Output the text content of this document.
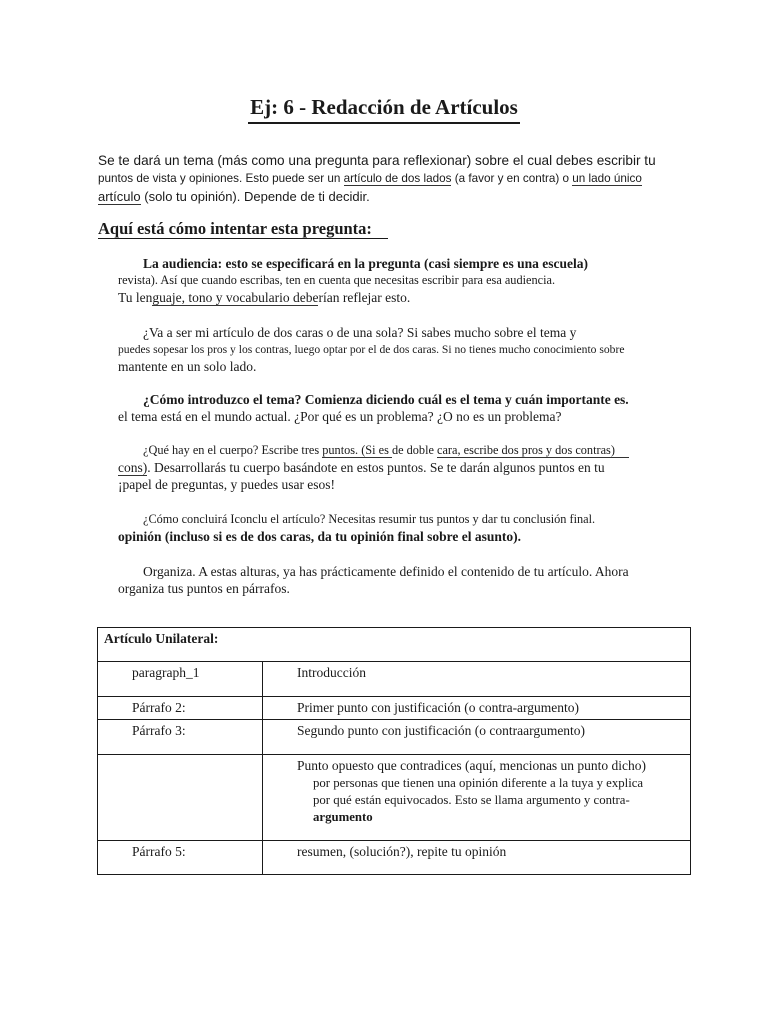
Ej: 6 - Redacción de Artículos
Se te dará un tema (más como una pregunta para reflexionar) sobre el cual debes escribir tu
puntos de vista y opiniones. Esto puede ser un artículo de dos lados (a favor y en contra) o un lado único
artículo (solo tu opinión). Depende de ti decidir.
Aquí está cómo intentar esta pregunta:
La audiencia: esto se especificará en la pregunta (casi siempre es una escuela)
revista). Así que cuando escribas, ten en cuenta que necesitas escribir para esa audiencia.
Tu lenguaje, tono y vocabulario deberían reflejar esto.
¿Va a ser mi artículo de dos caras o de una sola? Si sabes mucho sobre el tema y
puedes sopesar los pros y los contras, luego optar por el de dos caras. Si no tienes mucho conocimiento sobre
mantente en un solo lado.
¿Cómo introduzco el tema? Comienza diciendo cuál es el tema y cuán importante es.
el tema está en el mundo actual. ¿Por qué es un problema? ¿O no es un problema?
¿Qué hay en el cuerpo? Escribe tres puntos. (Si es de doble cara, escribe dos pros y dos contras)
cons). Desarrollarás tu cuerpo basándote en estos puntos. Se te darán algunos puntos en tu
¡papel de preguntas, y puedes usar esos!
¿Cómo concluirá Iconclu el artículo? Necesitas resumir tus puntos y dar tu conclusión final.
opinión (incluso si es de dos caras, da tu opinión final sobre el asunto).
Organiza. A estas alturas, ya has prácticamente definido el contenido de tu artículo. Ahora
organiza tus puntos en párrafos.
Artículo Unilateral:	
paragraph_1	Introducción
Párrafo 2:	Primer punto con justificación (o contra-argumento)
Párrafo 3:	Segundo punto con justificación (o contraargumento)
	Punto opuesto que contradices (aquí, mencionas un punto dicho)
por personas que tienen una opinión diferente a la tuya y explica
por qué están equivocados. Esto se llama argumento y contra-
argumento

Párrafo 5:	resumen, (solución?), repite tu opinión
